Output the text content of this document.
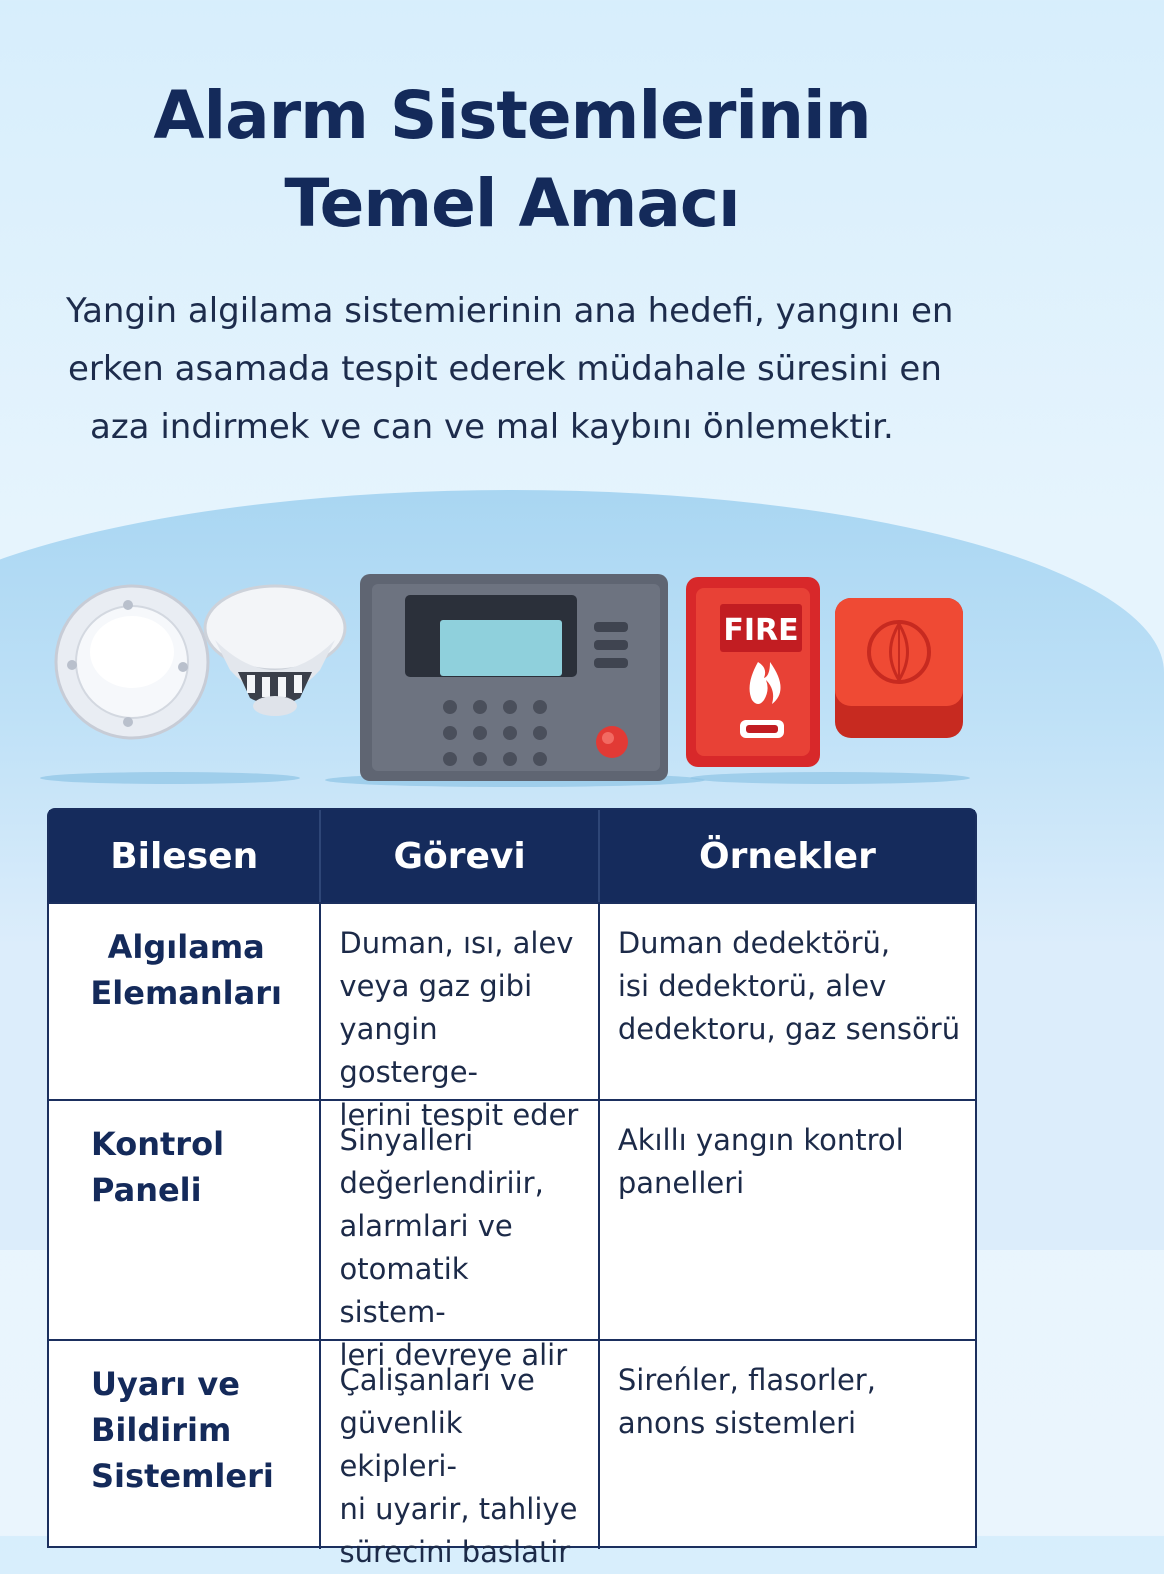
Alarm Sistemlerinin
Temel Amacı
Yangin algilama sistemierinin ana hedefi, yangını en
erken asamada tespit ederek müdahale süresini en
aza indirmek ve can ve mal kaybını önlemektir.
FIRE
Bilesen	Görevi	Örnekler
Algılama
Elemanları
Duman, ısı, alev
veya gaz gibi
yangin gosterge-
lerini tespit eder
Duman dedektörü,
isi dedektorü, alev
dedektoru, gaz sensörü
Kontrol
Paneli
Sinyalleri
değerlendiriir,
alarmlari ve
otomatik sistem-
leri devreye alir
Akıllı yangın kontrol
panelleri
Uyarı ve
Bildirim
Sistemleri
Çalişanları ve
güvenlik ekipleri-
ni uyarir, tahliye
sürecini baslatir
Sireńler, flasorler,
anons sistemleri
